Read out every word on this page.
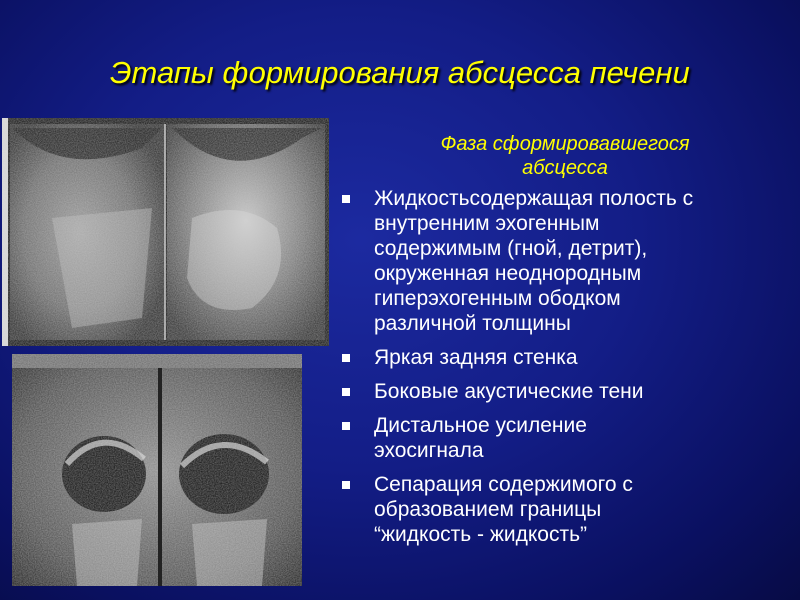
Этапы формирования абсцесса печени
Фаза сформировавшегося
абсцесса
Жидкостьсодержащая полость с
внутренним эхогенным
содержимым (гной, детрит),
окруженная неоднородным
гиперэхогенным ободком
различной толщины
Яркая задняя стенка
Боковые акустические тени
Дистальное усиление
эхосигнала
Сепарация содержимого с
образованием границы
“жидкость - жидкость”
